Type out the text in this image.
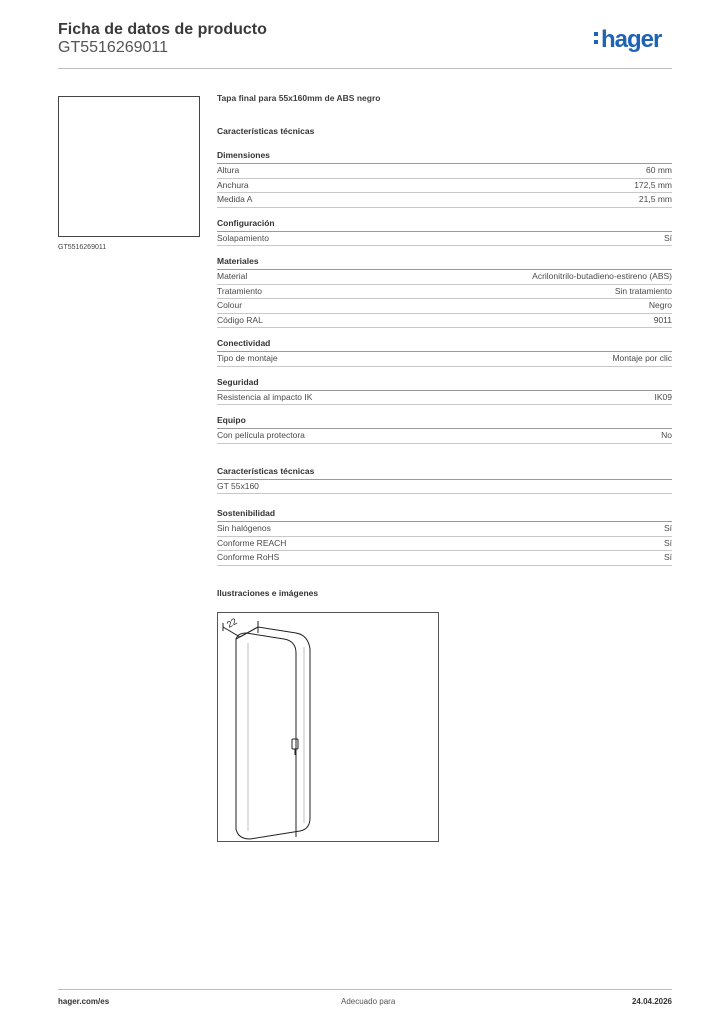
Ficha de datos de producto
GT5516269011	hager
GT5516269011
Tapa final para 55x160mm de ABS negro
Características técnicas
Dimensiones
Altura	60 mm
Anchura	172,5 mm
Medida A	21,5 mm
Configuración
Solapamiento	Sí
Materiales
Material	Acrilonitrilo-butadieno-estireno (ABS)
Tratamiento	Sin tratamiento
Colour	Negro
Código RAL	9011
Conectividad
Tipo de montaje	Montaje por clic
Seguridad
Resistencia al impacto IK	IK09
Equipo
Con película protectora	No
Características técnicas
GT 55x160
Sostenibilidad
Sin halógenos	Sí
Conforme REACH	Sí
Conforme RoHS	Sí
Ilustraciones e imágenes
22
hager.com/es	Adecuado para	24.04.2026
